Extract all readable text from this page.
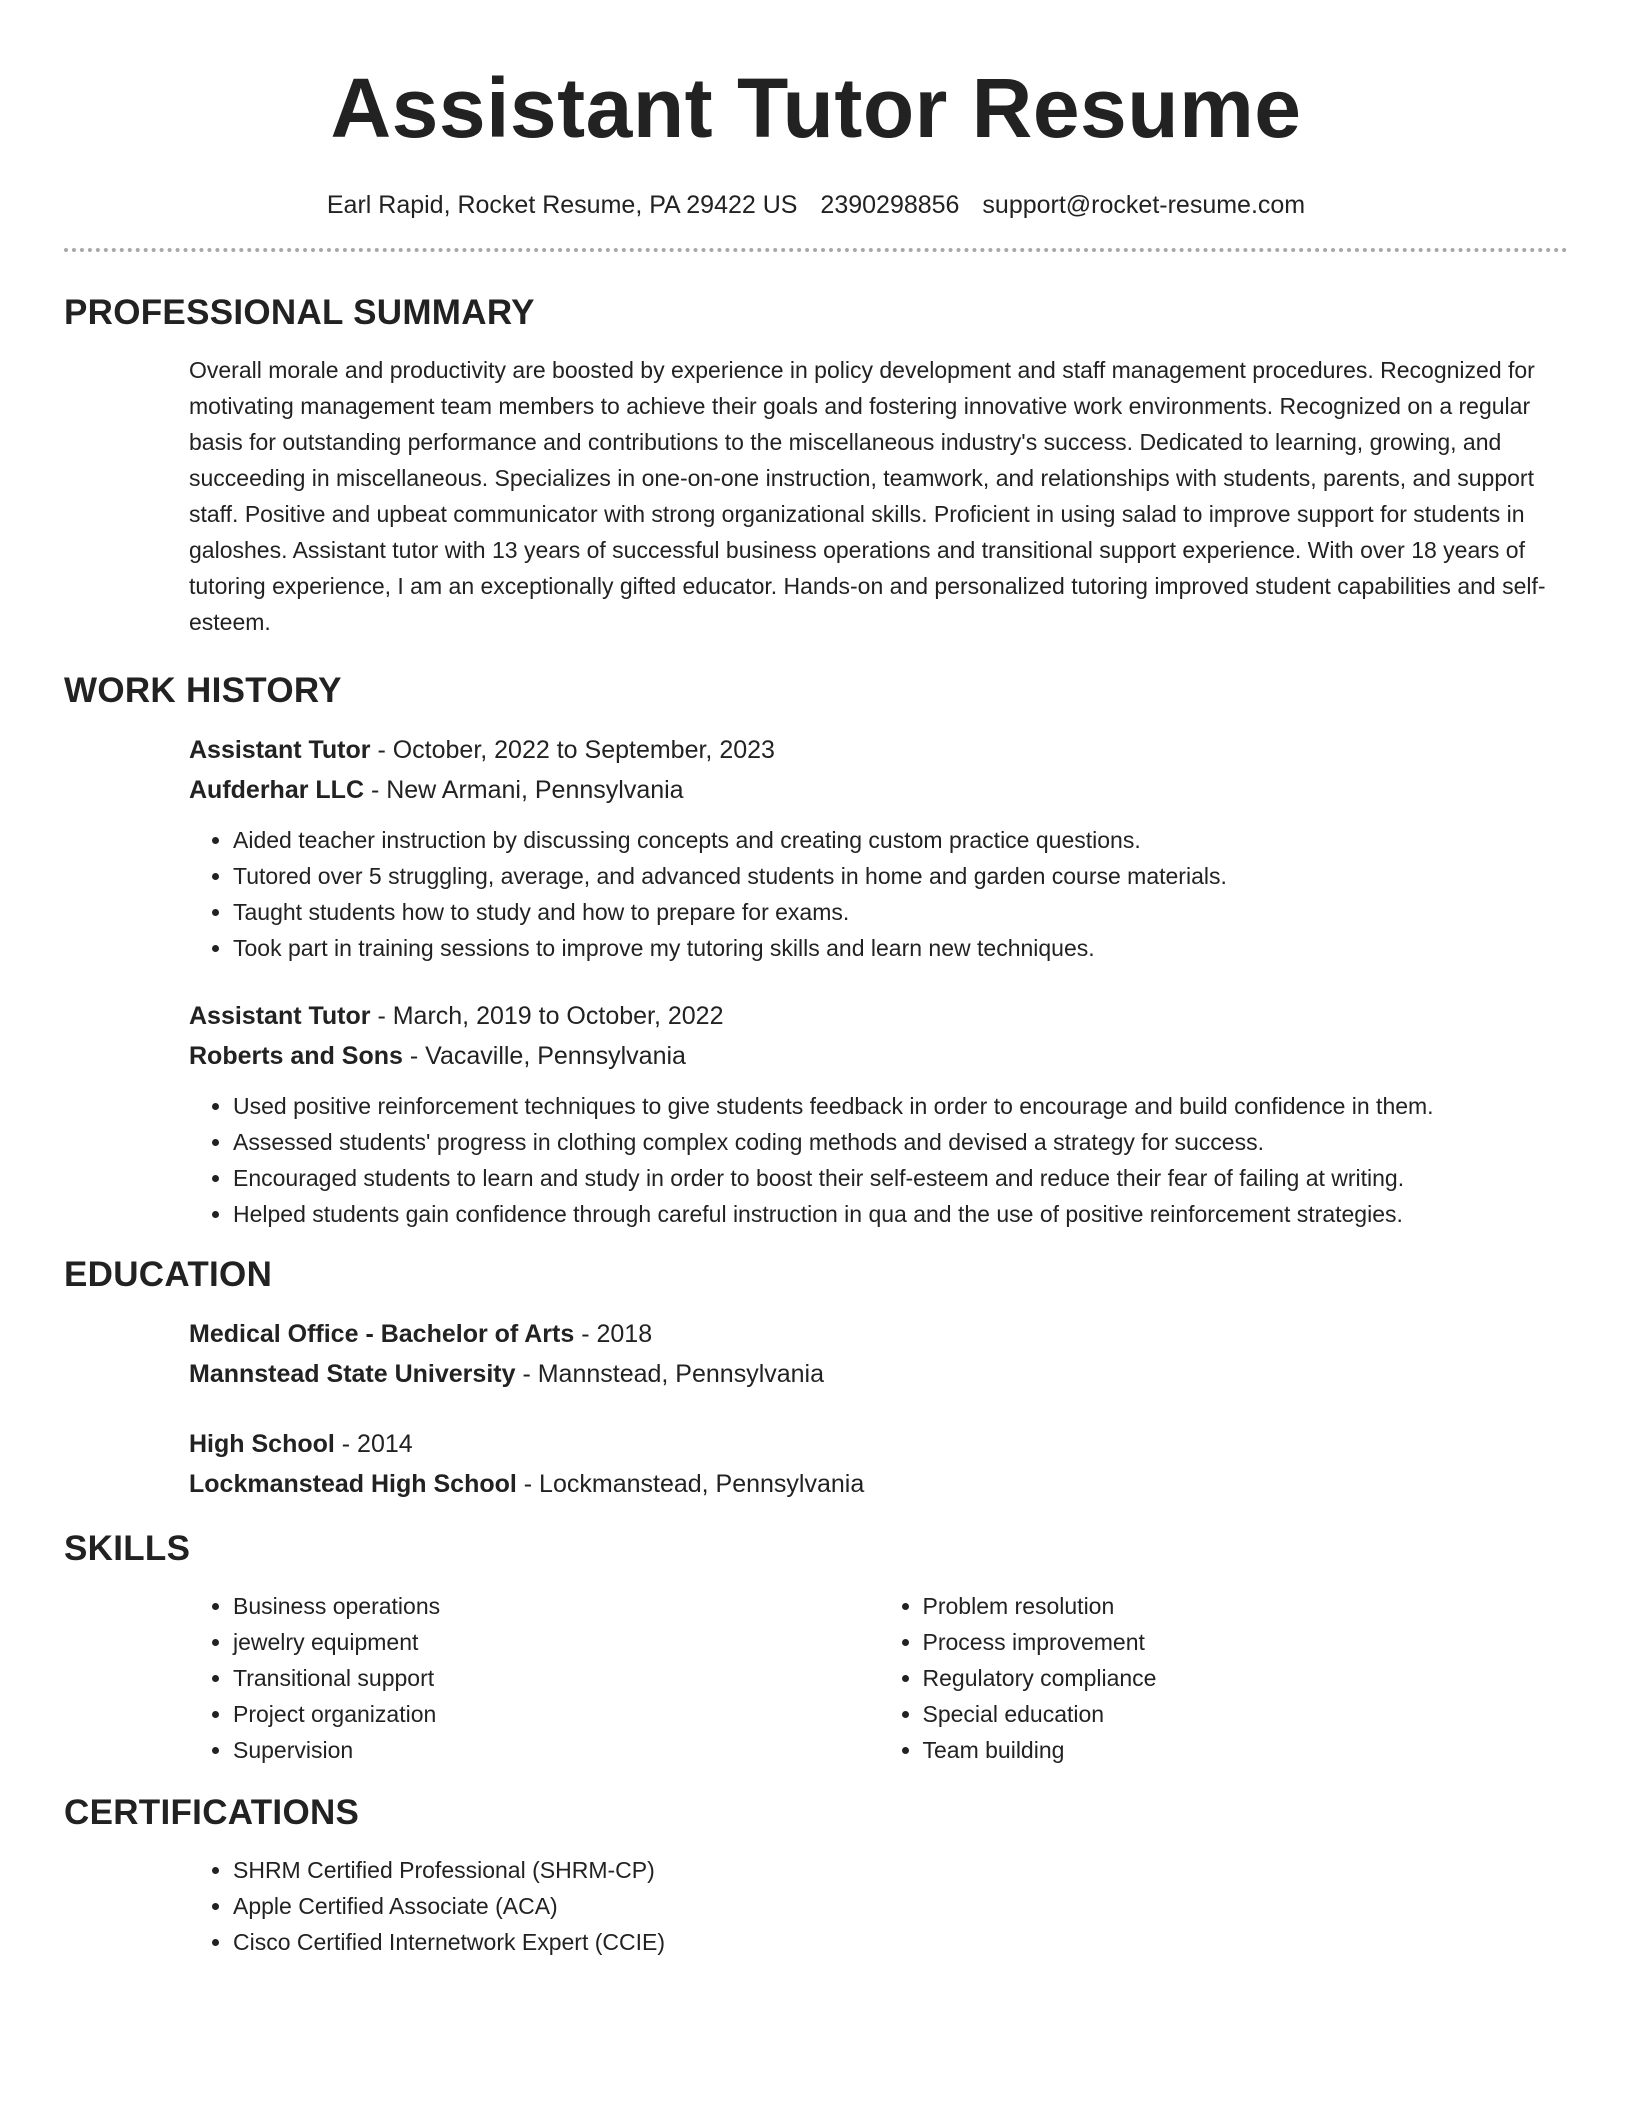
Assistant Tutor Resume
Earl Rapid, Rocket Resume, PA 29422 US 2390298856 support@rocket-resume.com
PROFESSIONAL SUMMARY

Overall morale and productivity are boosted by experience in policy development and staff management procedures. Recognized for motivating management team members to achieve their goals and fostering innovative work environments. Recognized on a regular basis for outstanding performance and contributions to the miscellaneous industry's success. Dedicated to learning, growing, and succeeding in miscellaneous. Specializes in one-on-one instruction, teamwork, and relationships with students, parents, and support staff. Positive and upbeat communicator with strong organizational skills. Proficient in using salad to improve support for students in galoshes. Assistant tutor with 13 years of successful business operations and transitional support experience. With over 18 years of tutoring experience, I am an exceptionally gifted educator. Hands-on and personalized tutoring improved student capabilities and self-esteem.

WORK HISTORY

Assistant Tutor - October, 2022 to September, 2023

Aufderhar LLC - New Armani, Pennsylvania

• Aided teacher instruction by discussing concepts and creating custom practice questions.
• Tutored over 5 struggling, average, and advanced students in home and garden course materials.
• Taught students how to study and how to prepare for exams.
• Took part in training sessions to improve my tutoring skills and learn new techniques.

Assistant Tutor - March, 2019 to October, 2022

Roberts and Sons - Vacaville, Pennsylvania

• Used positive reinforcement techniques to give students feedback in order to encourage and build confidence in them.
• Assessed students' progress in clothing complex coding methods and devised a strategy for success.
• Encouraged students to learn and study in order to boost their self-esteem and reduce their fear of failing at writing.
• Helped students gain confidence through careful instruction in qua and the use of positive reinforcement strategies.
EDUCATION

Medical Office - Bachelor of Arts - 2018

Mannstead State University - Mannstead, Pennsylvania

High School - 2014

Lockmanstead High School - Lockmanstead, Pennsylvania

SKILLS
• Business operations
• jewelry equipment
• Transitional support
• Project organization
• Supervision
• Problem resolution
• Process improvement
• Regulatory compliance
• Special education
• Team building
CERTIFICATIONS
• SHRM Certified Professional (SHRM-CP)
• Apple Certified Associate (ACA)
• Cisco Certified Internetwork Expert (CCIE)
